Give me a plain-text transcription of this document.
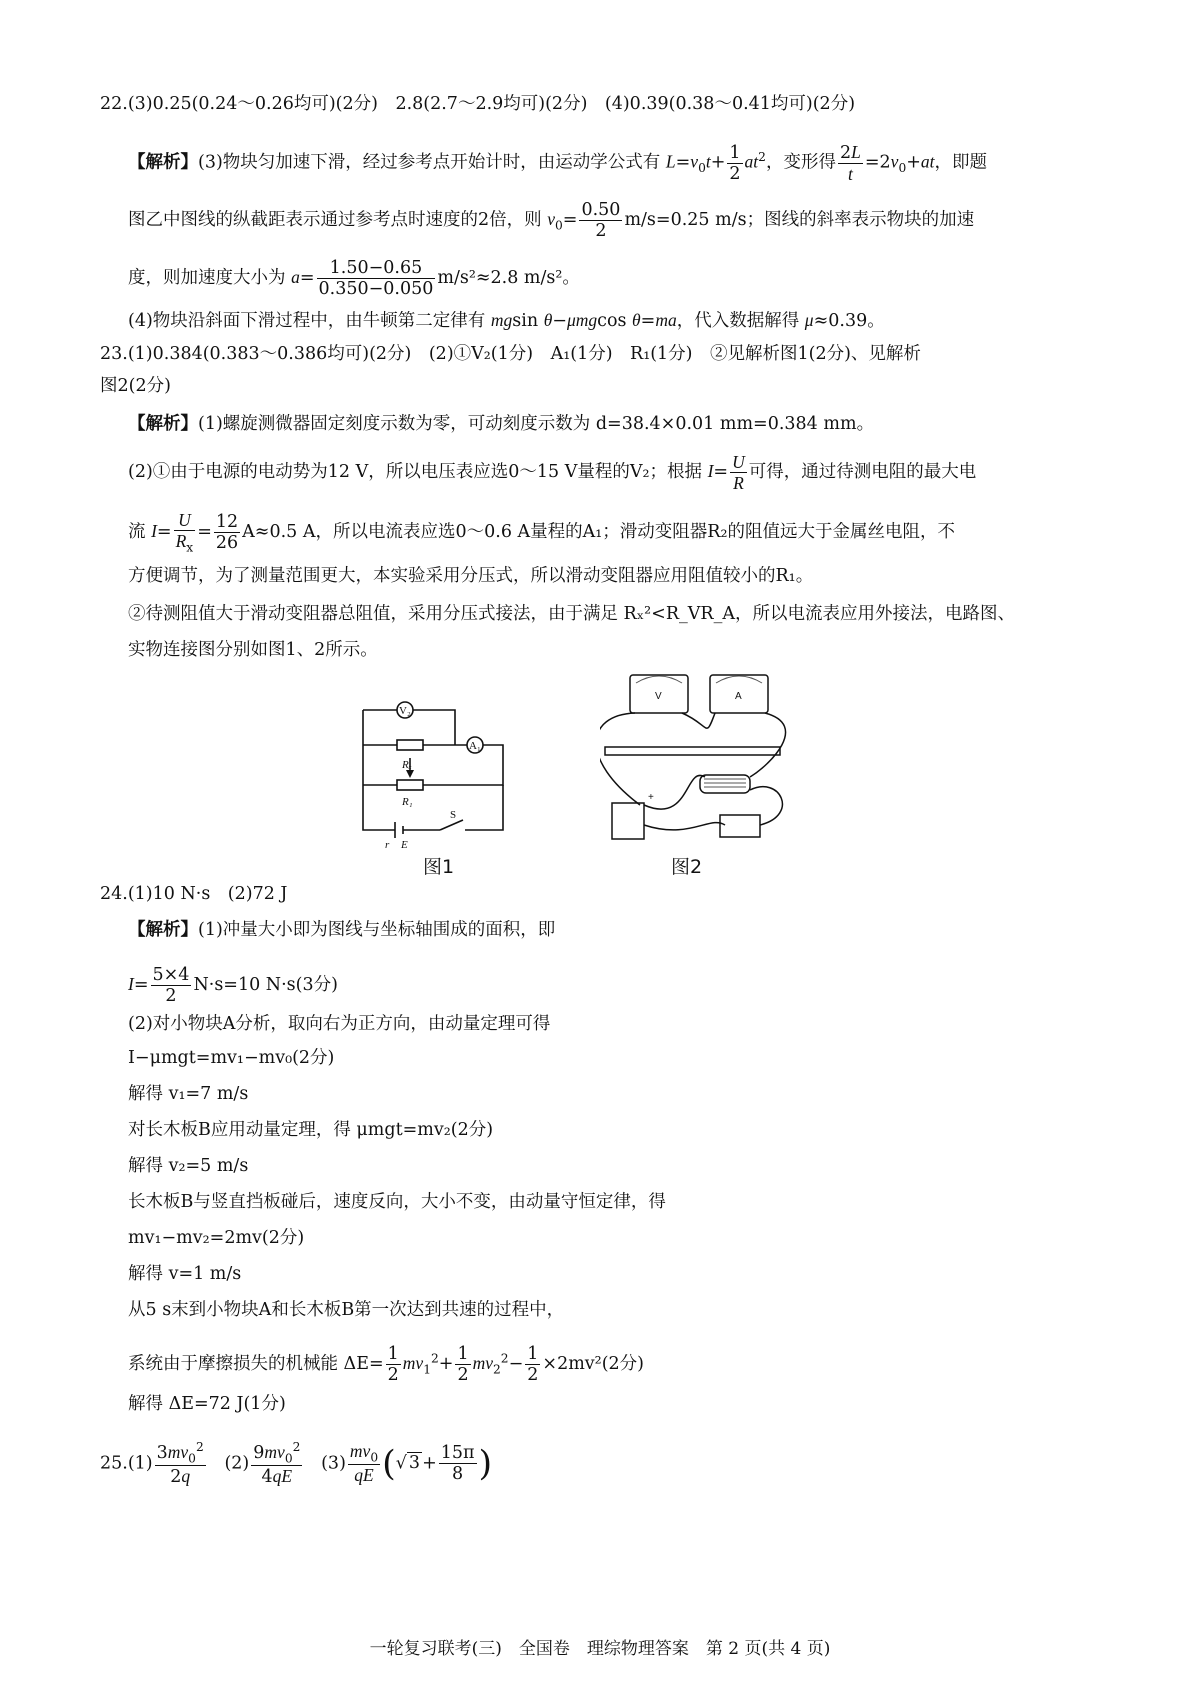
22.(3)0.25(0.24～0.26均可)(2分)　2.8(2.7～2.9均可)(2分)　(4)0.39(0.38～0.41均可)(2分)
【解析】(3)物块匀加速下滑，经过参考点开始计时，由运动学公式有 $L=v_0t+ \frac{1}{2} at^2$，变形得 $\frac{2L}{t} =2v_0+at$，即题
图乙中图线的纵截距表示通过参考点时速度的2倍，则 $v_0= \frac{0.50}{2} m/s=0.25$ m/s；图线的斜率表示物块的加速
度，则加速度大小为 $a= \frac{1.50-0.65}{0.350-0.050} m/s^2\approx 2.8$ m/s²。
(4)物块沿斜面下滑过程中，由牛顿第二定律有 mgsin θ−μmgcos θ=ma，代入数据解得 μ≈0.39。
23.(1)0.384(0.383～0.386均可)(2分)　(2)①V₂(1分)　A₁(1分)　R₁(1分)　②见解析图1(2分)、见解析
图2(2分)
【解析】(1)螺旋测微器固定刻度示数为零，可动刻度示数为 d=38.4×0.01 mm=0.384 mm。
(2)①由于电源的电动势为12 V，所以电压表应选0～15 V量程的V₂；根据 $I= \frac{U}{R}$ 可得，通过待测电阻的最大电
流 $I= \frac{U}{R_x} = \frac{12}{26} A\approx 0.5$ A，所以电流表应选0～0.6 A量程的A₁；滑动变阻器R₂的阻值远大于金属丝电阻，不
方便调节，为了测量范围更大，本实验采用分压式，所以滑动变阻器应用阻值较小的R₁。
②待测阻值大于滑动变阻器总阻值，采用分压式接法，由于满足 Rₓ²<R_VR_A，所以电流表应用外接法，电路图、
实物连接图分别如图1、2所示。
V₂
A₁
Rₓ
R₁
S
r E
图1
V	A
+
图2
24.(1)10 N·s　(2)72 J
【解析】(1)冲量大小即为图线与坐标轴围成的面积，即
$I= \frac{5\times 4}{2} N\cdot s=10$ N·s(3分)
(2)对小物块A分析，取向右为正方向，由动量定理可得
I−μmgt=mv₁−mv₀(2分)
解得 v₁=7 m/s
对长木板B应用动量定理，得 μmgt=mv₂(2分)
解得 v₂=5 m/s
长木板B与竖直挡板碰后，速度反向，大小不变，由动量守恒定律，得
mv₁−mv₂=2mv(2分)
解得 v=1 m/s
从5 s末到小物块A和长木板B第一次达到共速的过程中，
系统由于摩擦损失的机械能 $\Delta E= \frac{1}{2} mv_1^2+ \frac{1}{2} mv_2^2- \frac{1}{2} \times 2mv^2(2$分)
解得 ΔE=72 J(1分)
$25.(1) \frac{3mv_0^2}{2q} (2) \frac{9mv_0^2}{4qE} (3) \frac{mv_0}{qE}$ (√ $3 + \frac{15\pi}{8}$ )
一轮复习联考(三)　全国卷　理综物理答案　第 2 页(共 4 页)
